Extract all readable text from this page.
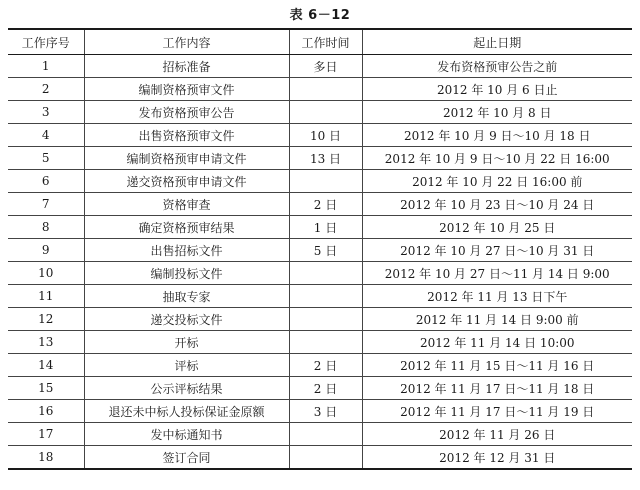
表 6－12
工作序号	工作内容	工作时间	起止日期
1	招标准备	多日	发布资格预审公告之前
2	编制资格预审文件		2012 年 10 月 6 日止
3	发布资格预审公告		2012 年 10 月 8 日
4	出售资格预审文件	10 日	2012 年 10 月 9 日～10 月 18 日
5	编制资格预审申请文件	13 日	2012 年 10 月 9 日～10 月 22 日 16:00
6	递交资格预审申请文件		2012 年 10 月 22 日 16:00 前
7	资格审查	2 日	2012 年 10 月 23 日～10 月 24 日
8	确定资格预审结果	1 日	2012 年 10 月 25 日
9	出售招标文件	5 日	2012 年 10 月 27 日～10 月 31 日
10	编制投标文件		2012 年 10 月 27 日～11 月 14 日 9:00
11	抽取专家		2012 年 11 月 13 日下午
12	递交投标文件		2012 年 11 月 14 日 9:00 前
13	开标		2012 年 11 月 14 日 10:00
14	评标	2 日	2012 年 11 月 15 日～11 月 16 日
15	公示评标结果	2 日	2012 年 11 月 17 日～11 月 18 日
16	退还未中标人投标保证金原额	3 日	2012 年 11 月 17 日～11 月 19 日
17	发中标通知书		2012 年 11 月 26 日
18	签订合同		2012 年 12 月 31 日
